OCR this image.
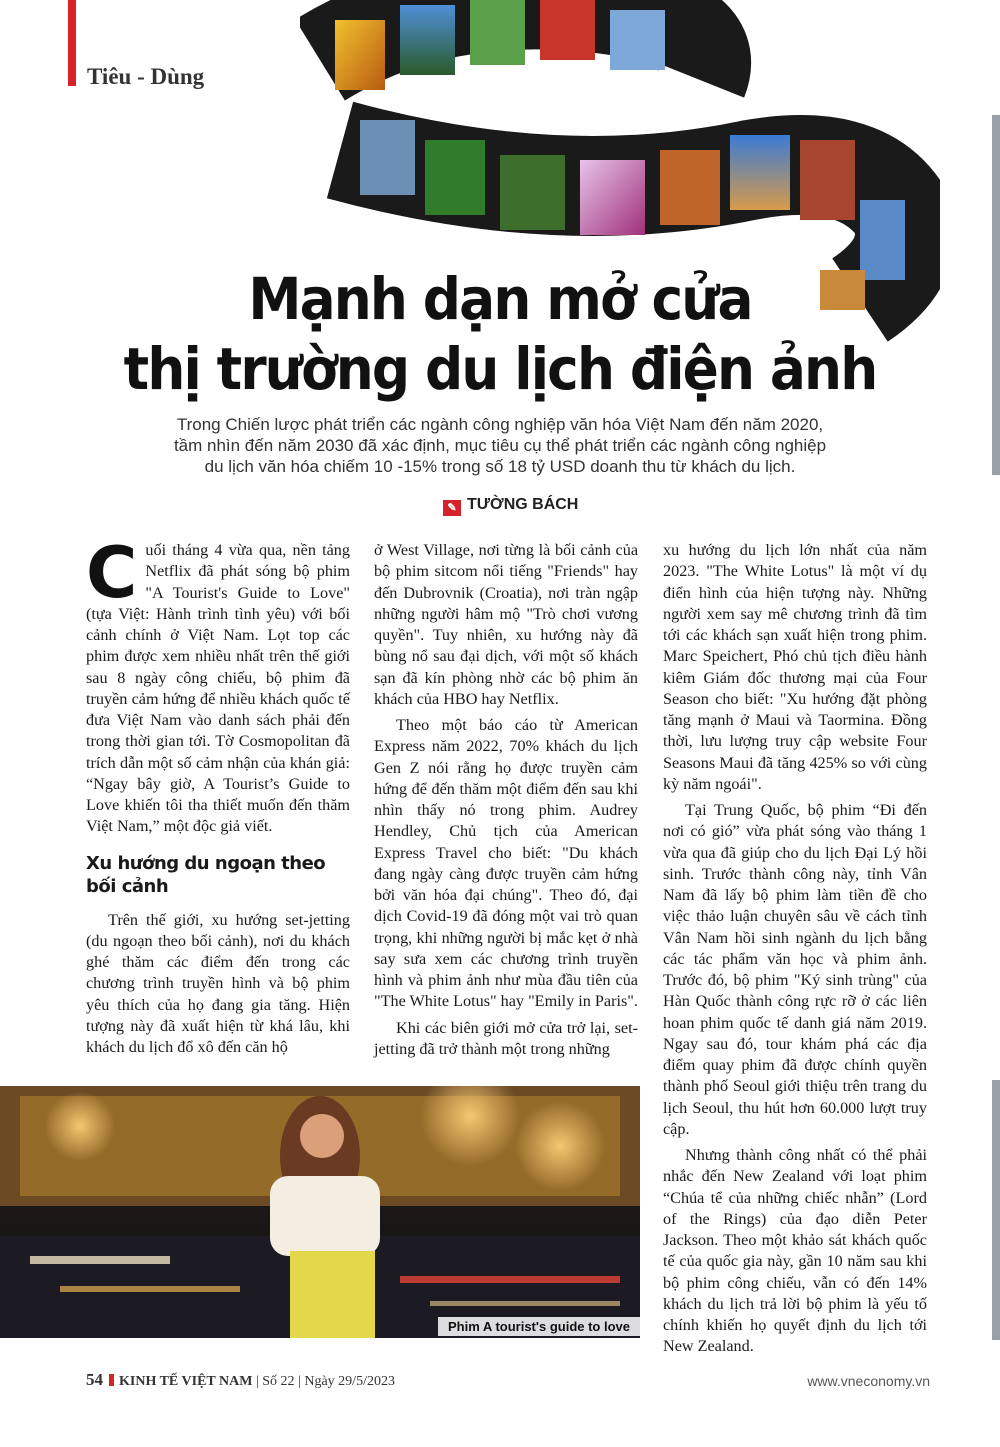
Tiêu - Dùng
Mạnh dạn mở cửa
thị trường du lịch điện ảnh
Trong Chiến lược phát triển các ngành công nghiệp văn hóa Việt Nam đến năm 2020,
tầm nhìn đến năm 2030 đã xác định, mục tiêu cụ thể phát triển các ngành công nghiệp
du lịch văn hóa chiếm 10 -15% trong số 18 tỷ USD doanh thu từ khách du lịch.
✎ TƯỜNG BÁCH

Cuối tháng 4 vừa qua, nền tảng Netflix đã phát sóng bộ phim "A Tourist's Guide to Love" (tựa Việt: Hành trình tình yêu) với bối cảnh chính ở Việt Nam. Lọt top các phim được xem nhiều nhất trên thế giới sau 8 ngày công chiếu, bộ phim đã truyền cảm hứng để nhiều khách quốc tế đưa Việt Nam vào danh sách phải đến trong thời gian tới. Tờ Cosmopolitan đã trích dẫn một số cảm nhận của khán giả: “Ngay bây giờ, A Tourist’s Guide to Love khiến tôi tha thiết muốn đến thăm Việt Nam,” một độc giả viết.

Xu hướng du ngoạn theo bối cảnh

Trên thế giới, xu hướng set-jetting (du ngoạn theo bối cảnh), nơi du khách ghé thăm các điểm đến trong các chương trình truyền hình và bộ phim yêu thích của họ đang gia tăng. Hiện tượng này đã xuất hiện từ khá lâu, khi khách du lịch đổ xô đến căn hộ

ở West Village, nơi từng là bối cảnh của bộ phim sitcom nổi tiếng "Friends" hay đến Dubrovnik (Croatia), nơi tràn ngập những người hâm mộ "Trò chơi vương quyền". Tuy nhiên, xu hướng này đã bùng nổ sau đại dịch, với một số khách sạn đã kín phòng nhờ các bộ phim ăn khách của HBO hay Netflix.

Theo một báo cáo từ American Express năm 2022, 70% khách du lịch Gen Z nói rằng họ được truyền cảm hứng để đến thăm một điểm đến sau khi nhìn thấy nó trong phim. Audrey Hendley, Chủ tịch của American Express Travel cho biết: "Du khách đang ngày càng được truyền cảm hứng bởi văn hóa đại chúng". Theo đó, đại dịch Covid-19 đã đóng một vai trò quan trọng, khi những người bị mắc kẹt ở nhà say sưa xem các chương trình truyền hình và phim ảnh như mùa đầu tiên của "The White Lotus" hay "Emily in Paris".

Khi các biên giới mở cửa trở lại, set-jetting đã trở thành một trong những

xu hướng du lịch lớn nhất của năm 2023. "The White Lotus" là một ví dụ điển hình của hiện tượng này. Những người xem say mê chương trình đã tìm tới các khách sạn xuất hiện trong phim. Marc Speichert, Phó chủ tịch điều hành kiêm Giám đốc thương mại của Four Season cho biết: "Xu hướng đặt phòng tăng mạnh ở Maui và Taormina. Đồng thời, lưu lượng truy cập website Four Seasons Maui đã tăng 425% so với cùng kỳ năm ngoái".

Tại Trung Quốc, bộ phim “Đi đến nơi có gió” vừa phát sóng vào tháng 1 vừa qua đã giúp cho du lịch Đại Lý hồi sinh. Trước thành công này, tỉnh Vân Nam đã lấy bộ phim làm tiền đề cho việc thảo luận chuyên sâu về cách tỉnh Vân Nam hồi sinh ngành du lịch bằng các tác phẩm văn học và phim ảnh. Trước đó, bộ phim "Ký sinh trùng" của Hàn Quốc thành công rực rỡ ở các liên hoan phim quốc tế danh giá năm 2019. Ngay sau đó, tour khám phá các địa điểm quay phim đã được chính quyền thành phố Seoul giới thiệu trên trang du lịch Seoul, thu hút hơn 60.000 lượt truy cập.

Nhưng thành công nhất có thể phải nhắc đến New Zealand với loạt phim “Chúa tể của những chiếc nhẫn” (Lord of the Rings) của đạo diễn Peter Jackson. Theo một khảo sát khách quốc tế của quốc gia này, gần 10 năm sau khi bộ phim công chiếu, vẫn có đến 14% khách du lịch trả lời bộ phim là yếu tố chính khiến họ quyết định du lịch tới New Zealand.

Phim A tourist's guide to love
54 KINH TẾ VIỆT NAM | Số 22 | Ngày 29/5/2023	www.vneconomy.vn
